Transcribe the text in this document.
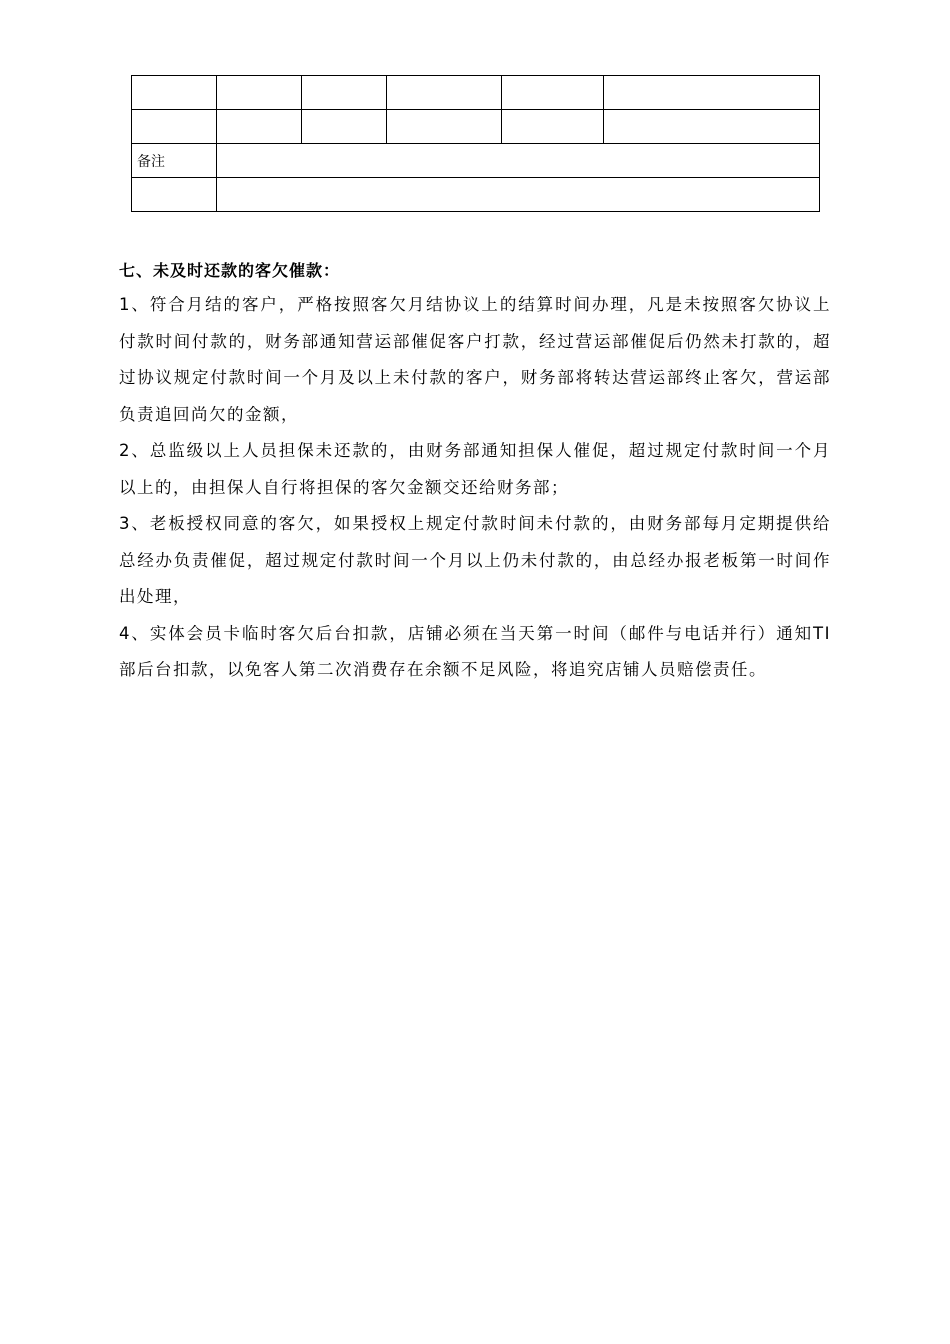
备注					

七、未及时还款的客欠催款：

1、符合月结的客户，严格按照客欠月结协议上的结算时间办理，凡是未按照客欠协议上付款时间付款的，财务部通知营运部催促客户打款，经过营运部催促后仍然未打款的，超过协议规定付款时间一个月及以上未付款的客户，财务部将转达营运部终止客欠，营运部负责追回尚欠的金额，

2、总监级以上人员担保未还款的，由财务部通知担保人催促，超过规定付款时间一个月以上的，由担保人自行将担保的客欠金额交还给财务部；

3、老板授权同意的客欠，如果授权上规定付款时间未付款的，由财务部每月定期提供给总经办负责催促，超过规定付款时间一个月以上仍未付款的，由总经办报老板第一时间作出处理，

4、实体会员卡临时客欠后台扣款，店铺必须在当天第一时间（邮件与电话并行）通知TI部后台扣款，以免客人第二次消费存在余额不足风险，将追究店铺人员赔偿责任。
